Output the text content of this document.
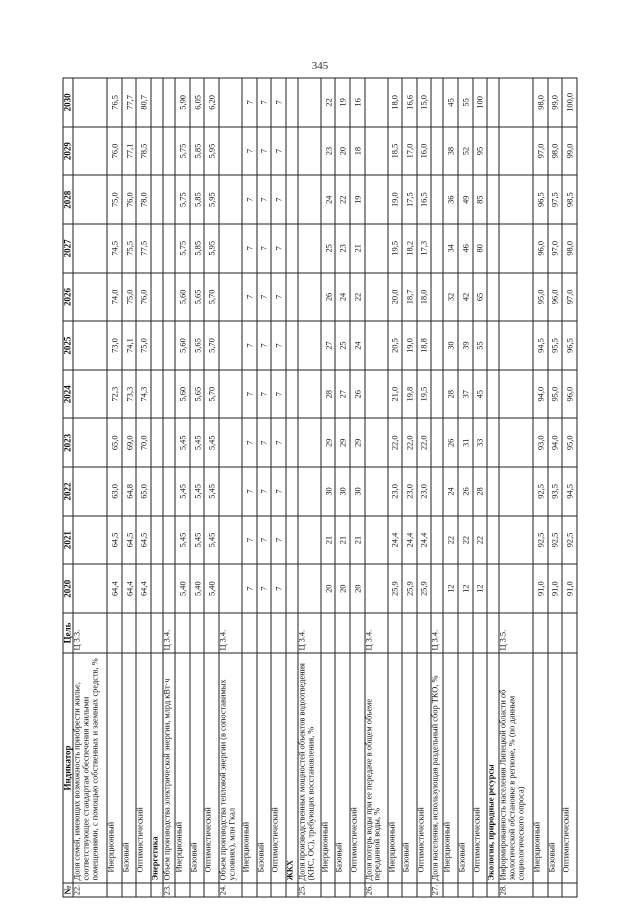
345
№	Индикатор	Цель	2020	2021	2022	2023	2024	2025	2026	2027	2028	2029	2030
22.	Доля семей, имеющих возможность приобрести жилье, соответствующее стандартам обеспечения жилыми помещениями, с помощью собственных и заемных средств, %	Ц 3.3.											
	Инерционный		64,4	64,5	63,0	65,0	72,3	73,0	74,0	74,5	75,0	76,0	76,5
	Базовый		64,4	64,5	64,8	69,0	73,3	74,1	75,0	75,5	76,0	77,1	77,7
	Оптимистический		64,4	64,5	65,0	70,0	74,3	75,0	76,0	77,5	78,0	78,5	80,7
	Энергетика												
23.	Объем производства электрической энергии, млрд кВт·ч	Ц 3.4.											
	Инерционный		5,40	5,45	5,45	5,45	5,60	5,60	5,60	5,75	5,75	5,75	5,90
	Базовый		5,40	5,45	5,45	5,45	5,65	5,65	5,65	5,85	5,85	5,85	6,05
	Оптимистический		5,40	5,45	5,45	5,45	5,70	5,70	5,70	5,95	5,95	5,95	6,20
24.	Объем производства тепловой энергии (в сопоставимых условиях), млн Гкал	Ц 3.4.											
	Инерционный		7	7	7	7	7	7	7	7	7	7	7
	Базовый		7	7	7	7	7	7	7	7	7	7	7
	Оптимистический		7	7	7	7	7	7	7	7	7	7	7
	ЖКХ												
25.	Доля производственных мощностей объектов водоотведения (КНС, ОС), требующих восстановления, %	Ц 3.4.											
	Инерционный		20	21	30	29	28	27	26	25	24	23	22
	Базовый		20	21	30	29	27	25	24	23	22	20	19
	Оптимистический		20	21	30	29	26	24	22	21	19	18	16
26.	Доля потерь воды при ее передаче в общем объеме переданной воды, %	Ц 3.4.											
	Инерционный		25,9	24,4	23,0	22,0	21,0	20,5	20,0	19,5	19,0	18,5	18,0
	Базовый		25,9	24,4	23,0	22,0	19,8	19,0	18,7	18,2	17,5	17,0	16,6
	Оптимистический		25,9	24,4	23,0	22,0	19,5	18,8	18,0	17,3	16,5	16,0	15,0
27.	Доля населения, использующая раздельный сбор ТКО, %	Ц 3.4.											
	Инерционный		12	22	24	26	28	30	32	34	36	38	45
	Базовый		12	22	26	31	37	39	42	46	49	52	55
	Оптимистический		12	22	28	33	45	55	65	80	85	95	100
	Экология, природные ресурсы												
28.	Информированность населения Липецкой области об экологической обстановке в регионе, % (по данным социологического опроса)	Ц 3.5.											
	Инерционный		91,0	92,5	92,5	93,0	94,0	94,5	95,0	96,0	96,5	97,0	98,0
	Базовый		91,0	92,5	93,5	94,0	95,0	95,5	96,0	97,0	97,5	98,0	99,0
	Оптимистический		91,0	92,5	94,5	95,0	96,0	96,5	97,0	98,0	98,5	99,0	100,0
